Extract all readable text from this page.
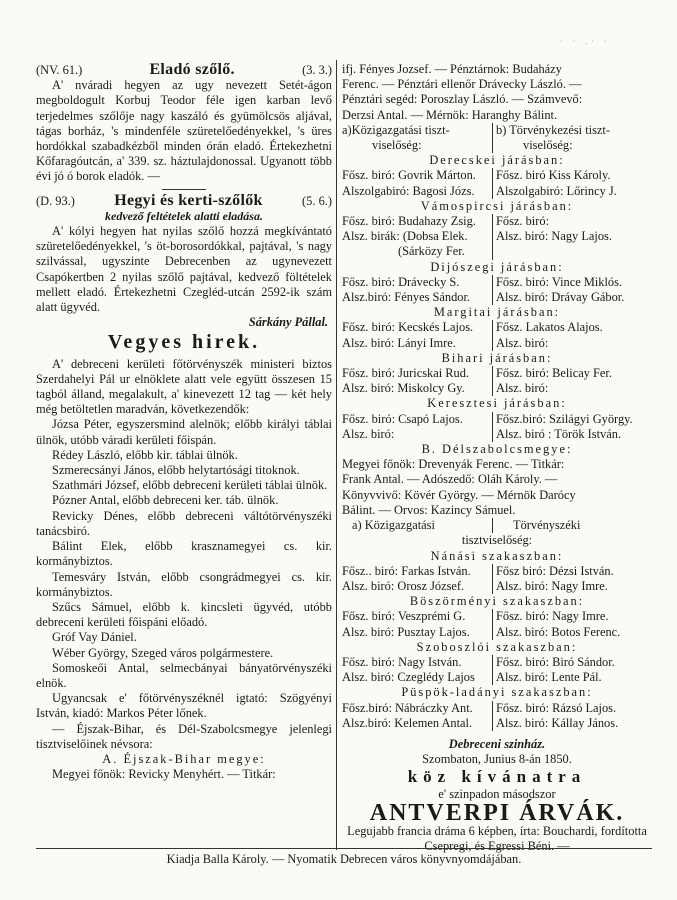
· · .· ·
(NV. 61.)	Eladó szőlő.	(3. 3.)

A' nváradi hegyen az ugy nevezett Setét-ágon megboldogult Korbuj Teodor féle igen karban levő terjedelmes szőlője nagy kaszáló és gyümölcsös aljával, tágas borház, 's mindenféle szüretelőedényekkel, 's üres hordókkal szabadkézből minden órán eladó. Értekezhetni Kőfaragóutcán, a' 339. sz. háztulajdonossal. Ugyanott több évi jó ó borok eladók. —

(D. 93.) Hegyi és kerti-szőlők	(5. 6.)

kedvező feltételek alatti eladása.

A' kólyi hegyen hat nyilas szőlő hozzá megkívántató szüretelőedényekkel, 's öt-borosordókkal, pajtával, 's nagy szilvással, ugyszinte Debrecenben az ugynevezett Csapókertben 2 nyilas szőlő pajtával, kedvező föltételek mellett eladó. Értekezhetni Czegléd-utcán 2592-ik szám alatt ügyvéd.

Sárkány Pállal.

Vegyes hirek.

A' debreceni kerületi főtörvényszék ministeri biztos Szerdahelyi Pál ur elnöklete alatt vele együtt összesen 15 tagból álland, megalakult, a' kinevezett 12 tag — két hely még betöltetlen maradván, következendők:

Józsa Péter, egyszersmind alelnök; előbb királyi táblai ülnök, utóbb váradi kerületi főispán.

Rédey László, előbb kir. táblai ülnök.

Szmerecsányi János, előbb helytartósági titoknok.

Szathmári József, előbb debreceni kerületi táblai ülnök.

Pózner Antal, előbb debreceni ker. táb. ülnök.

Revicky Dénes, előbb debreceni váltótörvényszéki tanácsbiró.

Bálint Elek, előbb krasznamegyei cs. kir. kormánybiztos.

Temesváry István, előbb csongrádmegyei cs. kir. kormánybiztos.

Szűcs Sámuel, előbb k. kincsleti ügyvéd, utóbb debreceni kerületi főispáni előadó.

Gróf Vay Dániel.

Wéber György, Szeged város polgármestere.

Somoskeői Antal, selmecbányai bányatörvényszéki elnök.

Ugyancsak e' főtörvényszéknél igtató: Szögyényi István, kiadó: Markos Péter lőnek.

— Éjszak-Bihar, és Dél-Szabolcsmegye jelenlegi tisztviselőinek névsora:

A. Éjszak-Bihar megye:

Megyei főnök: Revicky Menyhért. — Titkár:

ifj. Fényes Jozsef. — Pénztárnok: Budaházy

Ferenc. — Pénztári ellenőr Drávecky László. —

Pénztári segéd: Poroszlay László. — Számvevő:

Derzsi Antal. — Mérnök: Haranghy Bálint.

a)Közigazgatási tiszt-	b) Törvénykezési tiszt-
viselőség:	viselőség:

Derecskei járásban:

Fősz. biró: Govrik Márton.	Fősz. biró Kiss Károly.
Alszolgabiró: Bagosi Józs.	Alszolgabiró: Lőrincy J.

Vámospircsi járásban:

Fősz. biró: Budahazy Zsig.	Fősz. biró:
Alsz. birák: (Dobsa Elek.	Alsz. biró: Nagy Lajos.
(Sárközy Fer.

Dijószegi járásban:

Fősz. biró: Drávecky S.	Fősz. biró: Vince Miklós.
Alsz.biró: Fényes Sándor.	Alsz. biró: Drávay Gábor.

Margitai járásban:

Fősz. biró: Kecskés Lajos.	Fősz. Lakatos Alajos.
Alsz. biró: Lányi Imre.	Alsz. biró:

Bihari járásban:

Fősz. biró: Juricskai Rud.	Fősz. biró: Belicay Fer.
Alsz. biró: Miskolcy Gy.	Alsz. biró:

Keresztesi járásban:

Fősz. biró: Csapó Lajos.	Fősz.biró: Szilágyi György.
Alsz. biró:	Alsz. biró : Török István.

B. Délszabolcsmegye:

Megyei főnök: Drevenyák Ferenc. — Titkár:

Frank Antal. — Adószedő: Oláh Károly. —

Könyvvivő: Kövér György. — Mérnök Darócy

Bálint. — Orvos: Kazincy Sámuel.

a) Közigazgatási	Törvényszéki

tisztviselőség:

Nánási szakaszban:

Fősz.. biró: Farkas István.	Fősz biró: Dézsi István.
Alsz. biró: Orosz József.	Alsz. biró: Nagy Imre.

Böszörményi szakaszban:

Fősz. biró: Veszprémi G.	Fősz. biró: Nagy Imre.
Alsz. biró: Pusztay Lajos.	Alsz. biró: Botos Ferenc.

Szoboszlói szakaszban:

Fősz. biró: Nagy István.	Fősz. biró: Biró Sándor.
Alsz. biró: Czeglédy Lajos	Alsz. biró: Lente Pál.

Püspök-ladányi szakaszban:

Fősz.biró: Nábráczky Ant.	Fősz. biró: Rázsó Lajos.
Alsz.biró: Kelemen Antal.	Alsz. biró: Kállay János.

Debreceni szinház.

Szombaton, Junius 8-án 1850.

köz kívánatra

e' szinpadon másodszor

ANTVERPI ÁRVÁK.

Legujabb francia dráma 6 képben, írta: Bouchardi, fordította Csepregi, és Egressi Béni. —

Kiadja Balla Károly. — Nyomatik Debrecen város könyvnyomdájában.
